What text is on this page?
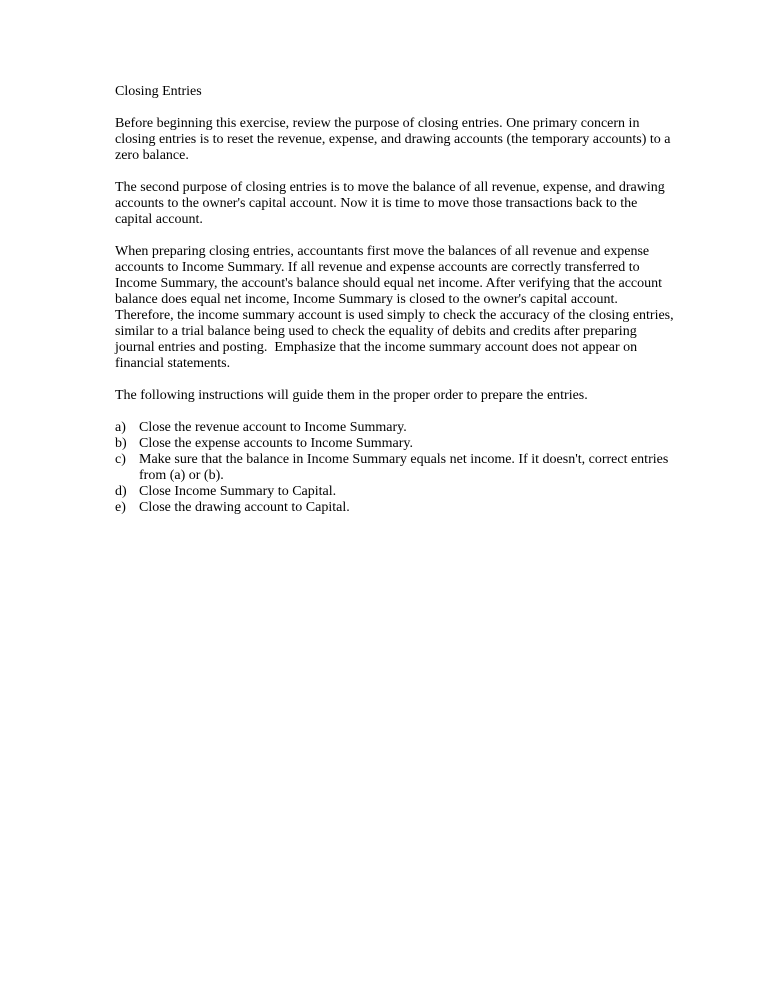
Closing Entries

Before beginning this exercise, review the purpose of closing entries. One primary concern in closing entries is to reset the revenue, expense, and drawing accounts (the temporary accounts) to a zero balance.

The second purpose of closing entries is to move the balance of all revenue, expense, and drawing accounts to the owner's capital account. Now it is time to move those transactions back to the capital account.

When preparing closing entries, accountants first move the balances of all revenue and expense accounts to Income Summary. If all revenue and expense accounts are correctly transferred to Income Summary, the account's balance should equal net income. After verifying that the account balance does equal net income, Income Summary is closed to the owner's capital account. Therefore, the income summary account is used simply to check the accuracy of the closing entries, similar to a trial balance being used to check the equality of debits and credits after preparing journal entries and posting.  Emphasize that the income summary account does not appear on financial statements.

The following instructions will guide them in the proper order to prepare the entries.

a) Close the revenue account to Income Summary.
b) Close the expense accounts to Income Summary.
c) Make sure that the balance in Income Summary equals net income. If it doesn't, correct entries from (a) or (b).
d) Close Income Summary to Capital.
e) Close the drawing account to Capital.
